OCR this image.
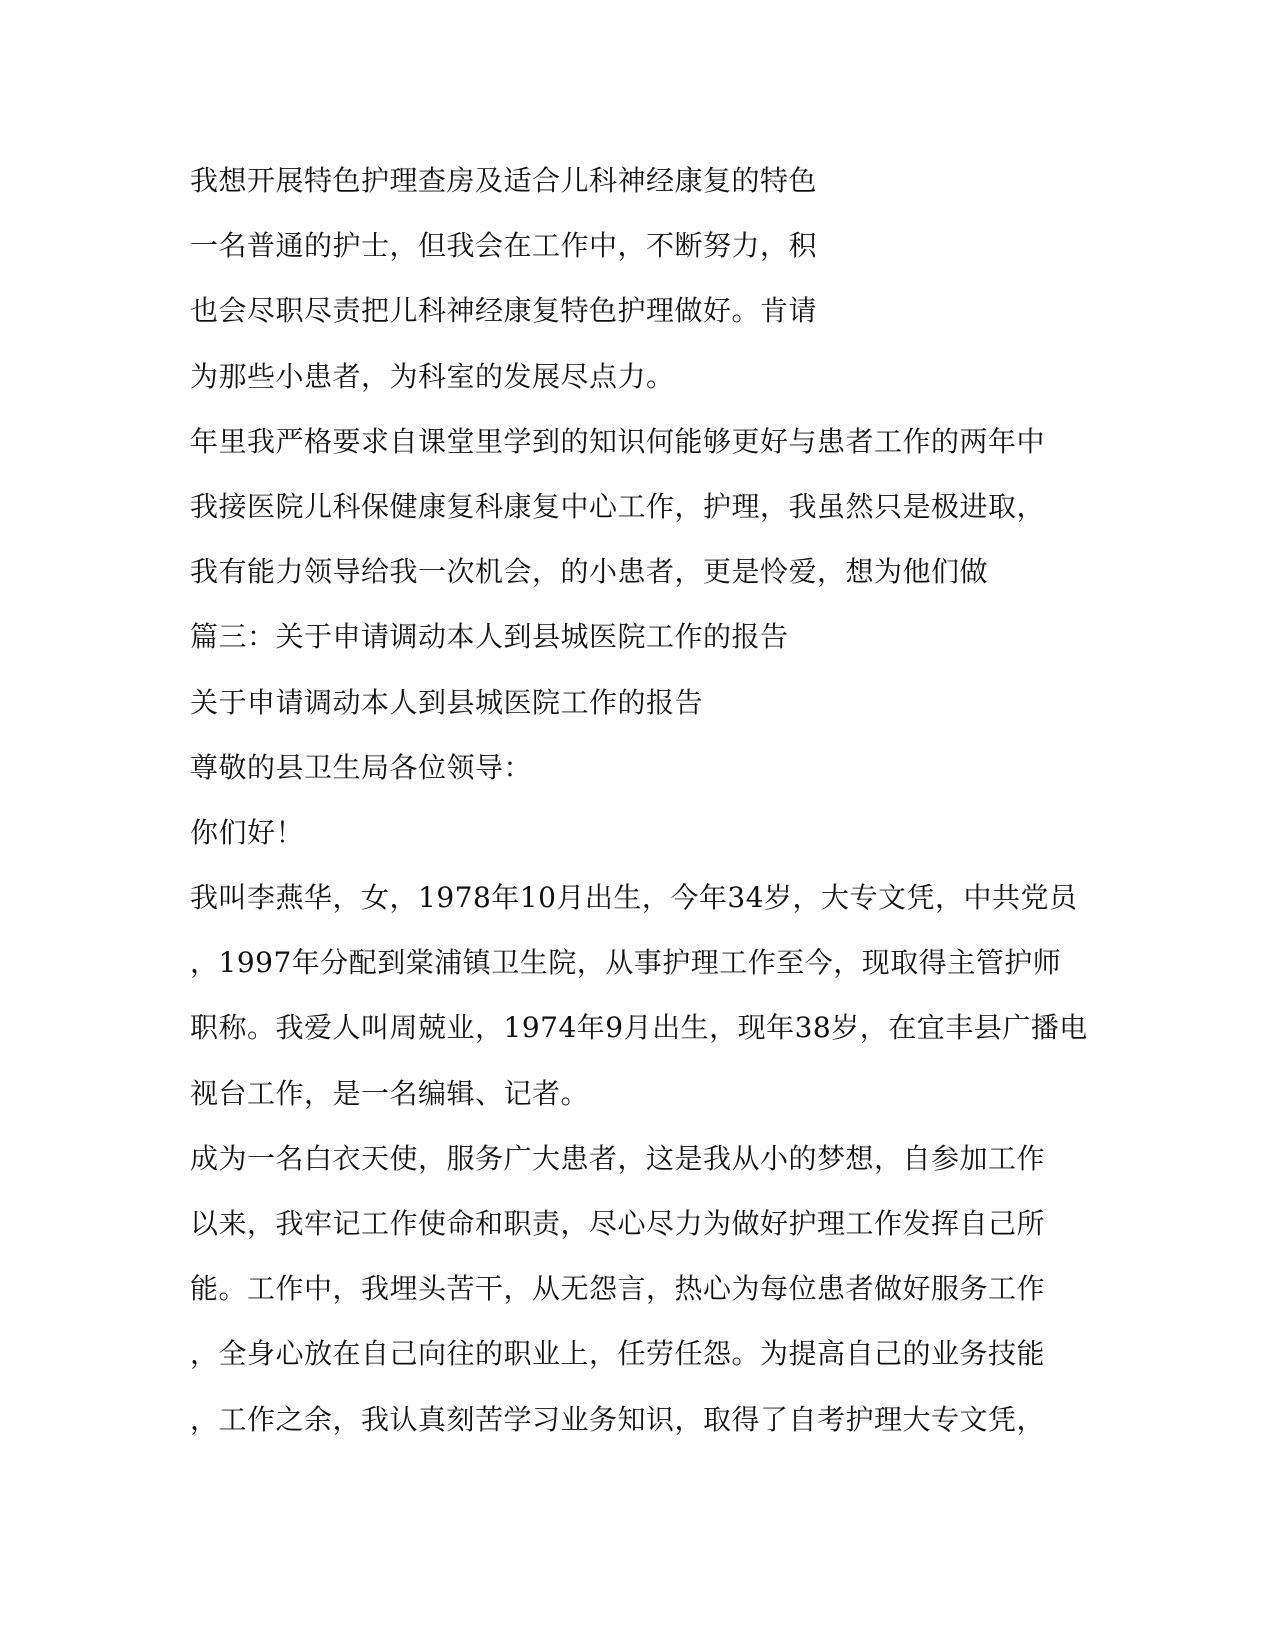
我想开展特色护理查房及适合儿科神经康复的特色
一名普通的护士，但我会在工作中，不断努力，积
也会尽职尽责把儿科神经康复特色护理做好。肯请
为那些小患者，为科室的发展尽点力。
年里我严格要求自课堂里学到的知识何能够更好与患者工作的两年中
我接医院儿科保健康复科康复中心工作，护理，我虽然只是极进取，
我有能力领导给我一次机会，的小患者，更是怜爱，想为他们做
篇三：关于申请调动本人到县城医院工作的报告
关于申请调动本人到县城医院工作的报告
尊敬的县卫生局各位领导：
你们好！
我叫李燕华，女，1978年10月出生，今年34岁，大专文凭，中共党员
，1997年分配到棠浦镇卫生院，从事护理工作至今，现取得主管护师
职称。我爱人叫周兢业，1974年9月出生，现年38岁，在宜丰县广播电
视台工作，是一名编辑、记者。
成为一名白衣天使，服务广大患者，这是我从小的梦想，自参加工作
以来，我牢记工作使命和职责，尽心尽力为做好护理工作发挥自己所
能。工作中，我埋头苦干，从无怨言，热心为每位患者做好服务工作
，全身心放在自己向往的职业上，任劳任怨。为提高自己的业务技能
，工作之余，我认真刻苦学习业务知识，取得了自考护理大专文凭，
